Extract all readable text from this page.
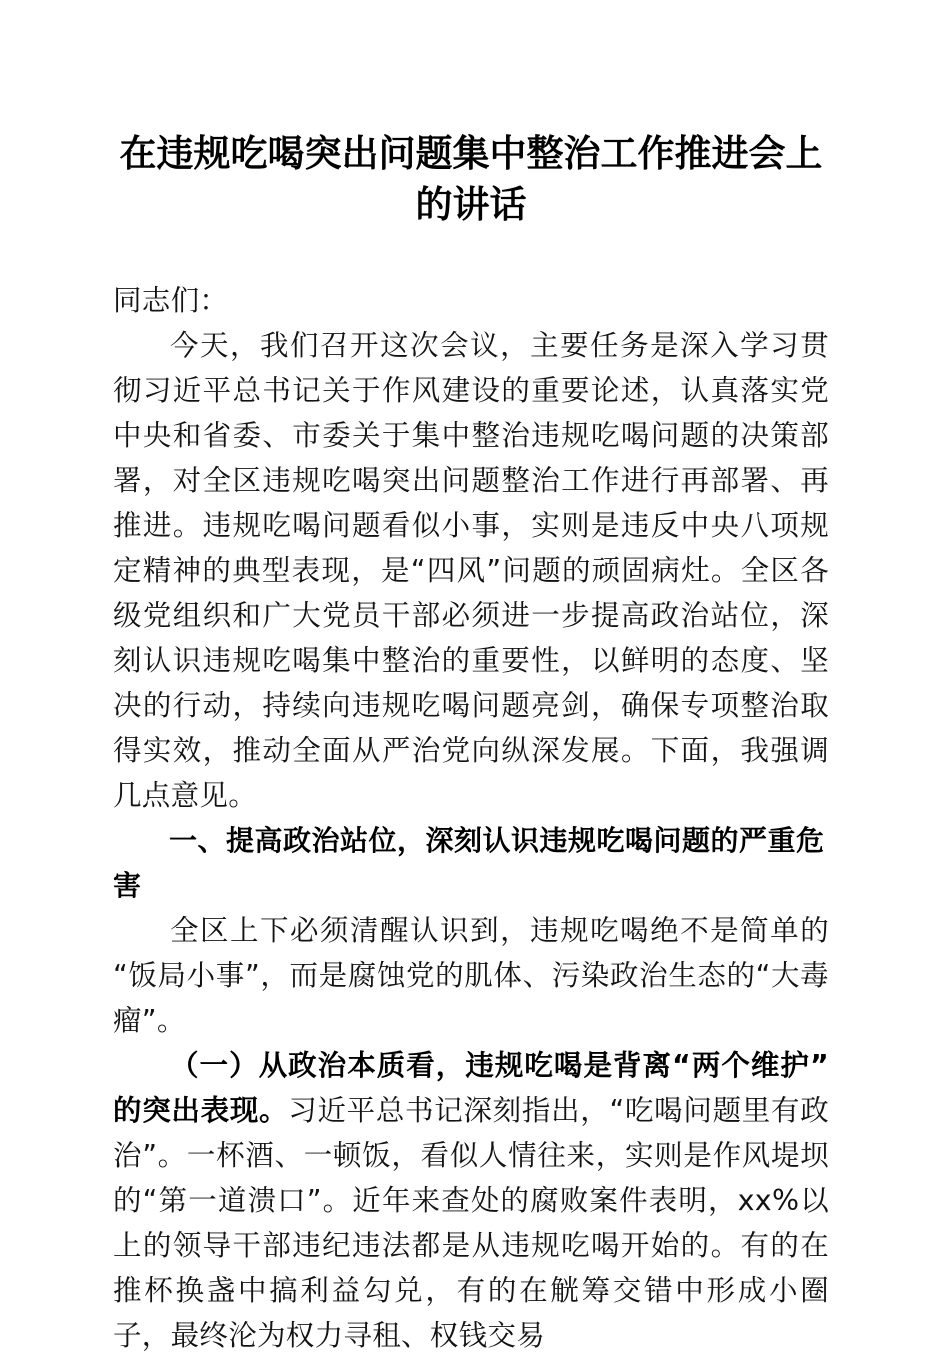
在违规吃喝突出问题集中整治工作推进会上的讲话

同志们：

今天，我们召开这次会议，主要任务是深入学习贯彻习近平总书记关于作风建设的重要论述，认真落实党中央和省委、市委关于集中整治违规吃喝问题的决策部署，对全区违规吃喝突出问题整治工作进行再部署、再推进。违规吃喝问题看似小事，实则是违反中央八项规定精神的典型表现，是“四风”问题的顽固病灶。全区各级党组织和广大党员干部必须进一步提高政治站位，深刻认识违规吃喝集中整治的重要性，以鲜明的态度、坚决的行动，持续向违规吃喝问题亮剑，确保专项整治取得实效，推动全面从严治党向纵深发展。下面，我强调几点意见。

一、提高政治站位，深刻认识违规吃喝问题的严重危害

全区上下必须清醒认识到，违规吃喝绝不是简单的“饭局小事”，而是腐蚀党的肌体、污染政治生态的“大毒瘤”。

（一）从政治本质看，违规吃喝是背离“两个维护”的突出表现。习近平总书记深刻指出，“吃喝问题里有政治”。一杯酒、一顿饭，看似人情往来，实则是作风堤坝的“第一道溃口”。近年来查处的腐败案件表明，xx%以上的领导干部违纪违法都是从违规吃喝开始的。有的在推杯换盏中搞利益勾兑，有的在觥筹交错中形成小圈子，最终沦为权力寻租、权钱交易
